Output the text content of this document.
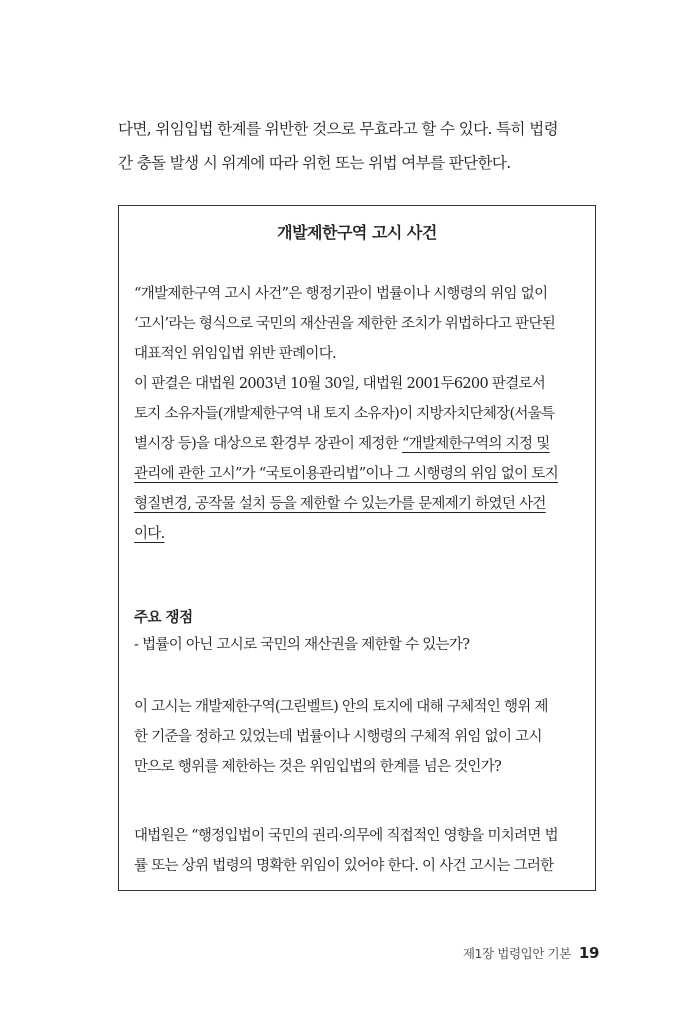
다면, 위임입법 한계를 위반한 것으로 무효라고 할 수 있다. 특히 법령
간 충돌 발생 시 위계에 따라 위헌 또는 위법 여부를 판단한다.
개발제한구역 고시 사건

“개발제한구역 고시 사건”은 행정기관이 법률이나 시행령의 위임 없이
‘고시’라는 형식으로 국민의 재산권을 제한한 조치가 위법하다고 판단된
대표적인 위임입법 위반 판례이다.

이 판결은 대법원 2003년 10월 30일, 대법원 2001두6200 판결로서
토지 소유자들(개발제한구역 내 토지 소유자)이 지방자치단체장(서울특
별시장 등)을 대상으로 환경부 장관이 제정한 “개발제한구역의 지정 및
관리에 관한 고시”가 “국토이용관리법”이나 그 시행령의 위임 없이 토지
형질변경, 공작물 설치 등을 제한할 수 있는가를 문제제기 하였던 사건
이다.

주요 쟁점

- 법률이 아닌 고시로 국민의 재산권을 제한할 수 있는가?

이 고시는 개발제한구역(그린벨트) 안의 토지에 대해 구체적인 행위 제
한 기준을 정하고 있었는데 법률이나 시행령의 구체적 위임 없이 고시
만으로 행위를 제한하는 것은 위임입법의 한계를 넘은 것인가?

대법원은 “행정입법이 국민의 권리·의무에 직접적인 영향을 미치려면 법
률 또는 상위 법령의 명확한 위임이 있어야 한다. 이 사건 고시는 그러한

제1장 법령입안 기본 19
